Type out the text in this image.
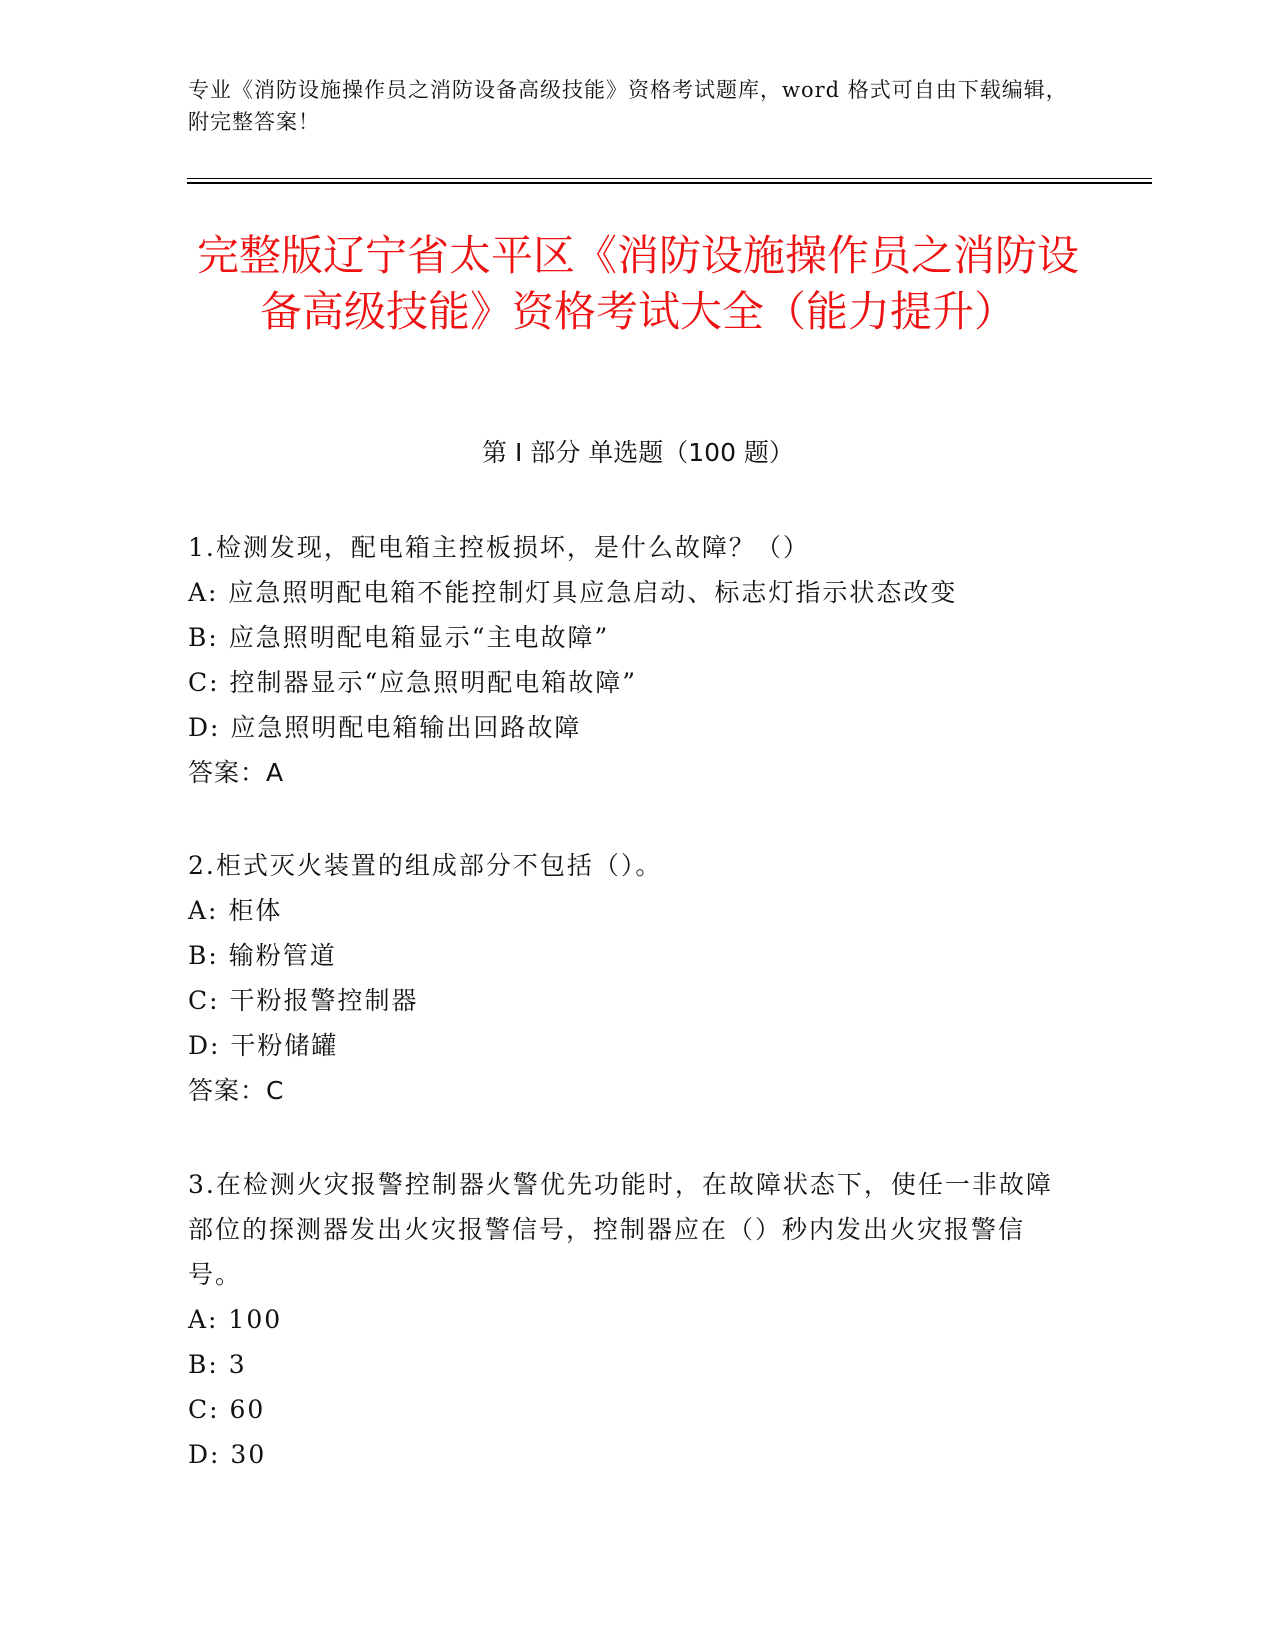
专业《消防设施操作员之消防设备高级技能》资格考试题库，word 格式可自由下载编辑，附完整答案！

完整版辽宁省太平区《消防设施操作员之消防设备高级技能》资格考试大全（能力提升）
第 I 部分 单选题（100 题）

1.检测发现，配电箱主控板损坏，是什么故障？（）

A: 应急照明配电箱不能控制灯具应急启动、标志灯指示状态改变

B: 应急照明配电箱显示“主电故障”

C: 控制器显示“应急照明配电箱故障”

D: 应急照明配电箱输出回路故障

答案：A

2.柜式灭火装置的组成部分不包括（）。

A: 柜体

B: 输粉管道

C: 干粉报警控制器

D: 干粉储罐

答案：C

3.在检测火灾报警控制器火警优先功能时，在故障状态下，使任一非故障部位的探测器发出火灾报警信号，控制器应在（）秒内发出火灾报警信号。

A: 100

B: 3

C: 60

D: 30
